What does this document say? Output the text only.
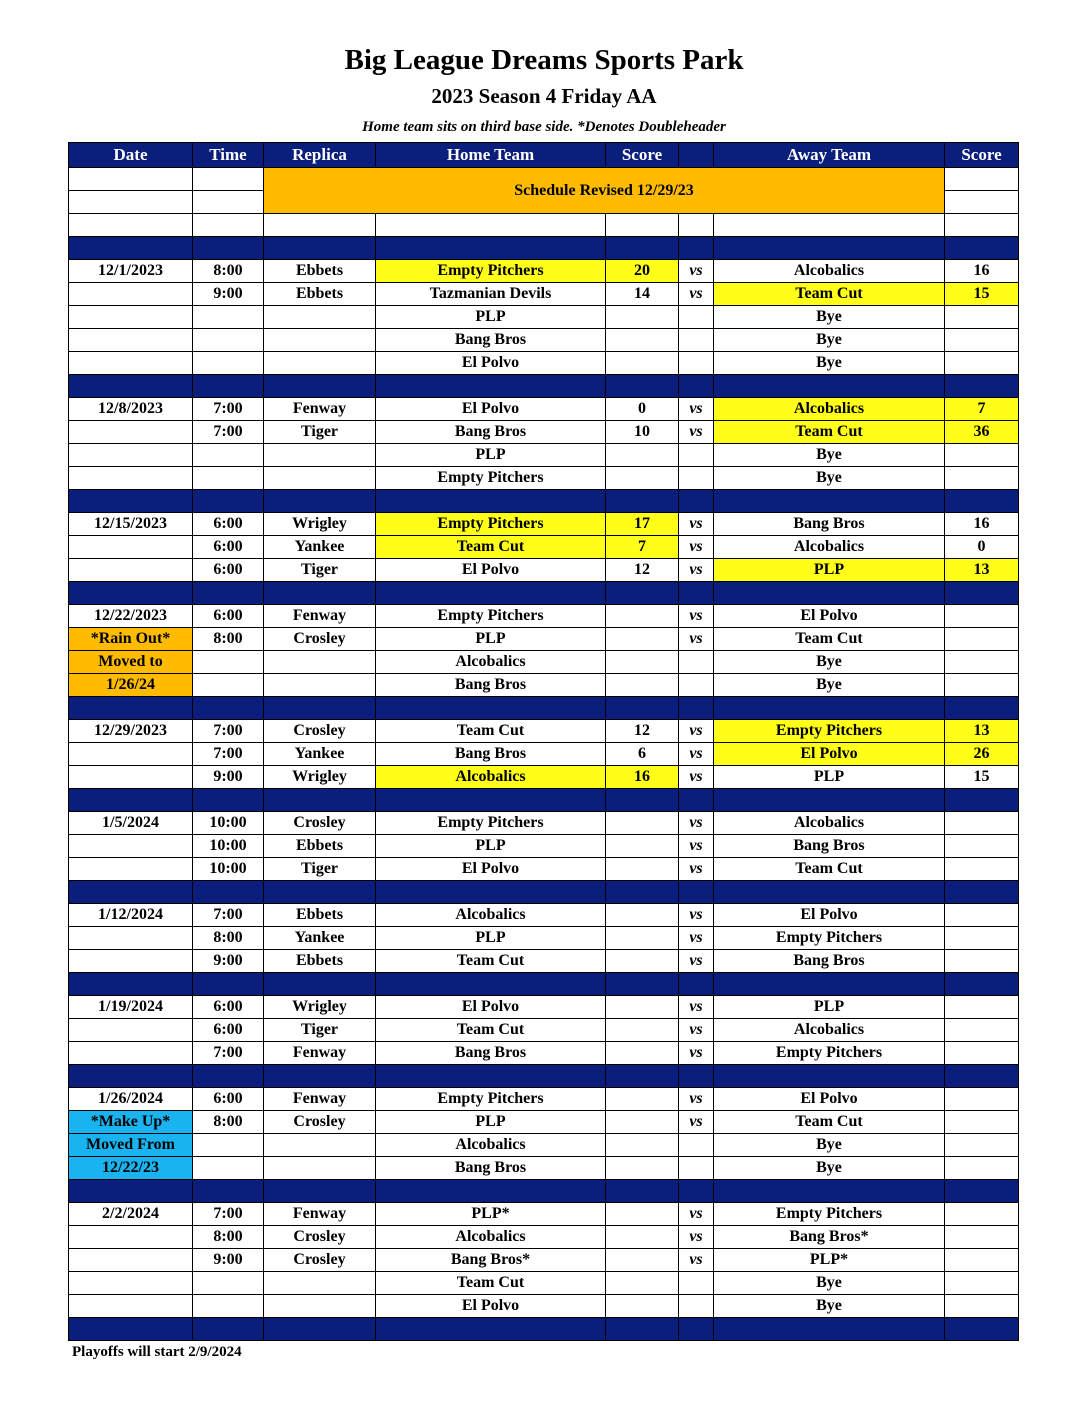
Big League Dreams Sports Park
2023 Season 4 Friday AA
Home team sits on third base side. *Denotes Doubleheader
Date	Time	Replica	Home Team	Score		Away Team	Score
		Schedule Revised 12/29/23					

12/1/2023	8:00	Ebbets	Empty Pitchers	20	vs	Alcobalics	16
	9:00	Ebbets	Tazmanian Devils	14	vs	Team Cut	15
			PLP			Bye	
			Bang Bros			Bye	
			El Polvo			Bye	

12/8/2023	7:00	Fenway	El Polvo	0	vs	Alcobalics	7
	7:00	Tiger	Bang Bros	10	vs	Team Cut	36
			PLP			Bye	
			Empty Pitchers			Bye	

12/15/2023	6:00	Wrigley	Empty Pitchers	17	vs	Bang Bros	16
	6:00	Yankee	Team Cut	7	vs	Alcobalics	0
	6:00	Tiger	El Polvo	12	vs	PLP	13

12/22/2023	6:00	Fenway	Empty Pitchers		vs	El Polvo	
*Rain Out*	8:00	Crosley	PLP		vs	Team Cut	
Moved to			Alcobalics			Bye	
1/26/24			Bang Bros			Bye	

12/29/2023	7:00	Crosley	Team Cut	12	vs	Empty Pitchers	13
	7:00	Yankee	Bang Bros	6	vs	El Polvo	26
	9:00	Wrigley	Alcobalics	16	vs	PLP	15

1/5/2024	10:00	Crosley	Empty Pitchers		vs	Alcobalics	
	10:00	Ebbets	PLP		vs	Bang Bros	
	10:00	Tiger	El Polvo		vs	Team Cut	

1/12/2024	7:00	Ebbets	Alcobalics		vs	El Polvo	
	8:00	Yankee	PLP		vs	Empty Pitchers	
	9:00	Ebbets	Team Cut		vs	Bang Bros	

1/19/2024	6:00	Wrigley	El Polvo		vs	PLP	
	6:00	Tiger	Team Cut		vs	Alcobalics	
	7:00	Fenway	Bang Bros		vs	Empty Pitchers	

1/26/2024	6:00	Fenway	Empty Pitchers		vs	El Polvo	
*Make Up*	8:00	Crosley	PLP		vs	Team Cut	
Moved From			Alcobalics			Bye	
12/22/23			Bang Bros			Bye	

2/2/2024	7:00	Fenway	PLP*		vs	Empty Pitchers	
	8:00	Crosley	Alcobalics		vs	Bang Bros*	
	9:00	Crosley	Bang Bros*		vs	PLP*	
			Team Cut			Bye	
			El Polvo			Bye	

Playoffs will start 2/9/2024
